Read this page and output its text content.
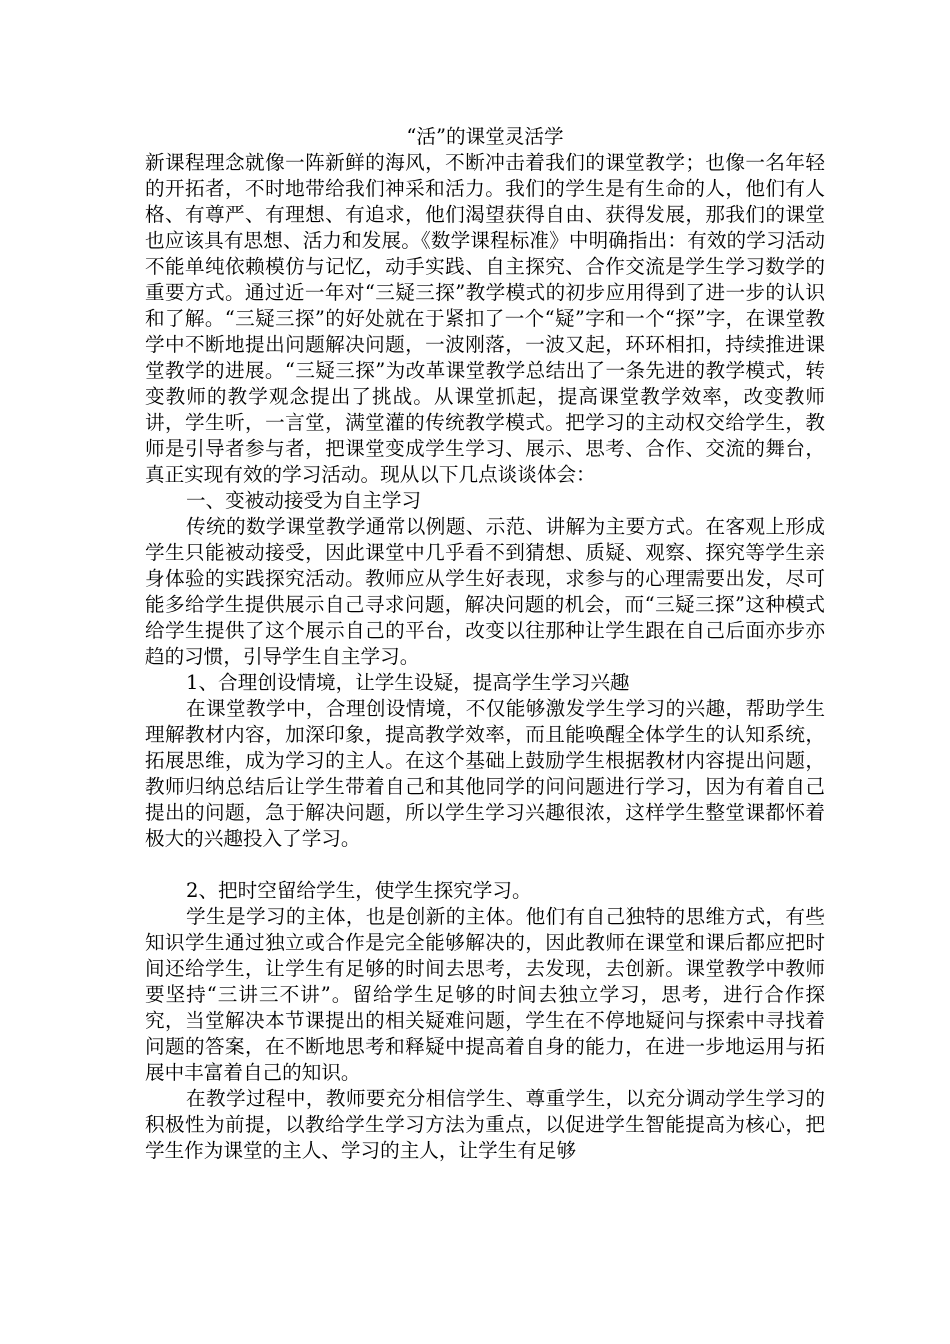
“活”的课堂灵活学

新课程理念就像一阵新鲜的海风，不断冲击着我们的课堂教学；也像一名年轻的开拓者，不时地带给我们神采和活力。我们的学生是有生命的人，他们有人格、有尊严、有理想、有追求，他们渴望获得自由、获得发展，那我们的课堂也应该具有思想、活力和发展。《数学课程标准》中明确指出：有效的学习活动不能单纯依赖模仿与记忆，动手实践、自主探究、合作交流是学生学习数学的重要方式。通过近一年对“三疑三探”教学模式的初步应用得到了进一步的认识和了解。“三疑三探”的好处就在于紧扣了一个“疑”字和一个“探”字，在课堂教学中不断地提出问题解决问题，一波刚落，一波又起，环环相扣，持续推进课堂教学的进展。“三疑三探”为改革课堂教学总结出了一条先进的教学模式，转变教师的教学观念提出了挑战。从课堂抓起，提高课堂教学效率，改变教师讲，学生听，一言堂，满堂灌的传统教学模式。把学习的主动权交给学生，教师是引导者参与者，把课堂变成学生学习、展示、思考、合作、交流的舞台，真正实现有效的学习活动。现从以下几点谈谈体会：

一、变被动接受为自主学习

传统的数学课堂教学通常以例题、示范、讲解为主要方式。在客观上形成学生只能被动接受，因此课堂中几乎看不到猜想、质疑、观察、探究等学生亲身体验的实践探究活动。教师应从学生好表现，求参与的心理需要出发，尽可能多给学生提供展示自己寻求问题，解决问题的机会，而“三疑三探”这种模式给学生提供了这个展示自己的平台，改变以往那种让学生跟在自己后面亦步亦趋的习惯，引导学生自主学习。

1、合理创设情境，让学生设疑，提高学生学习兴趣

在课堂教学中，合理创设情境，不仅能够激发学生学习的兴趣，帮助学生理解教材内容，加深印象，提高教学效率，而且能唤醒全体学生的认知系统，拓展思维，成为学习的主人。在这个基础上鼓励学生根据教材内容提出问题，教师归纳总结后让学生带着自己和其他同学的问问题进行学习，因为有着自己提出的问题，急于解决问题，所以学生学习兴趣很浓，这样学生整堂课都怀着极大的兴趣投入了学习。

2、把时空留给学生，使学生探究学习。

学生是学习的主体，也是创新的主体。他们有自己独特的思维方式，有些知识学生通过独立或合作是完全能够解决的，因此教师在课堂和课后都应把时间还给学生，让学生有足够的时间去思考，去发现，去创新。课堂教学中教师要坚持“三讲三不讲”。留给学生足够的时间去独立学习，思考，进行合作探究，当堂解决本节课提出的相关疑难问题，学生在不停地疑问与探索中寻找着问题的答案，在不断地思考和释疑中提高着自身的能力，在进一步地运用与拓展中丰富着自己的知识。

在教学过程中，教师要充分相信学生、尊重学生，以充分调动学生学习的积极性为前提，以教给学生学习方法为重点，以促进学生智能提高为核心，把学生作为课堂的主人、学习的主人，让学生有足够
